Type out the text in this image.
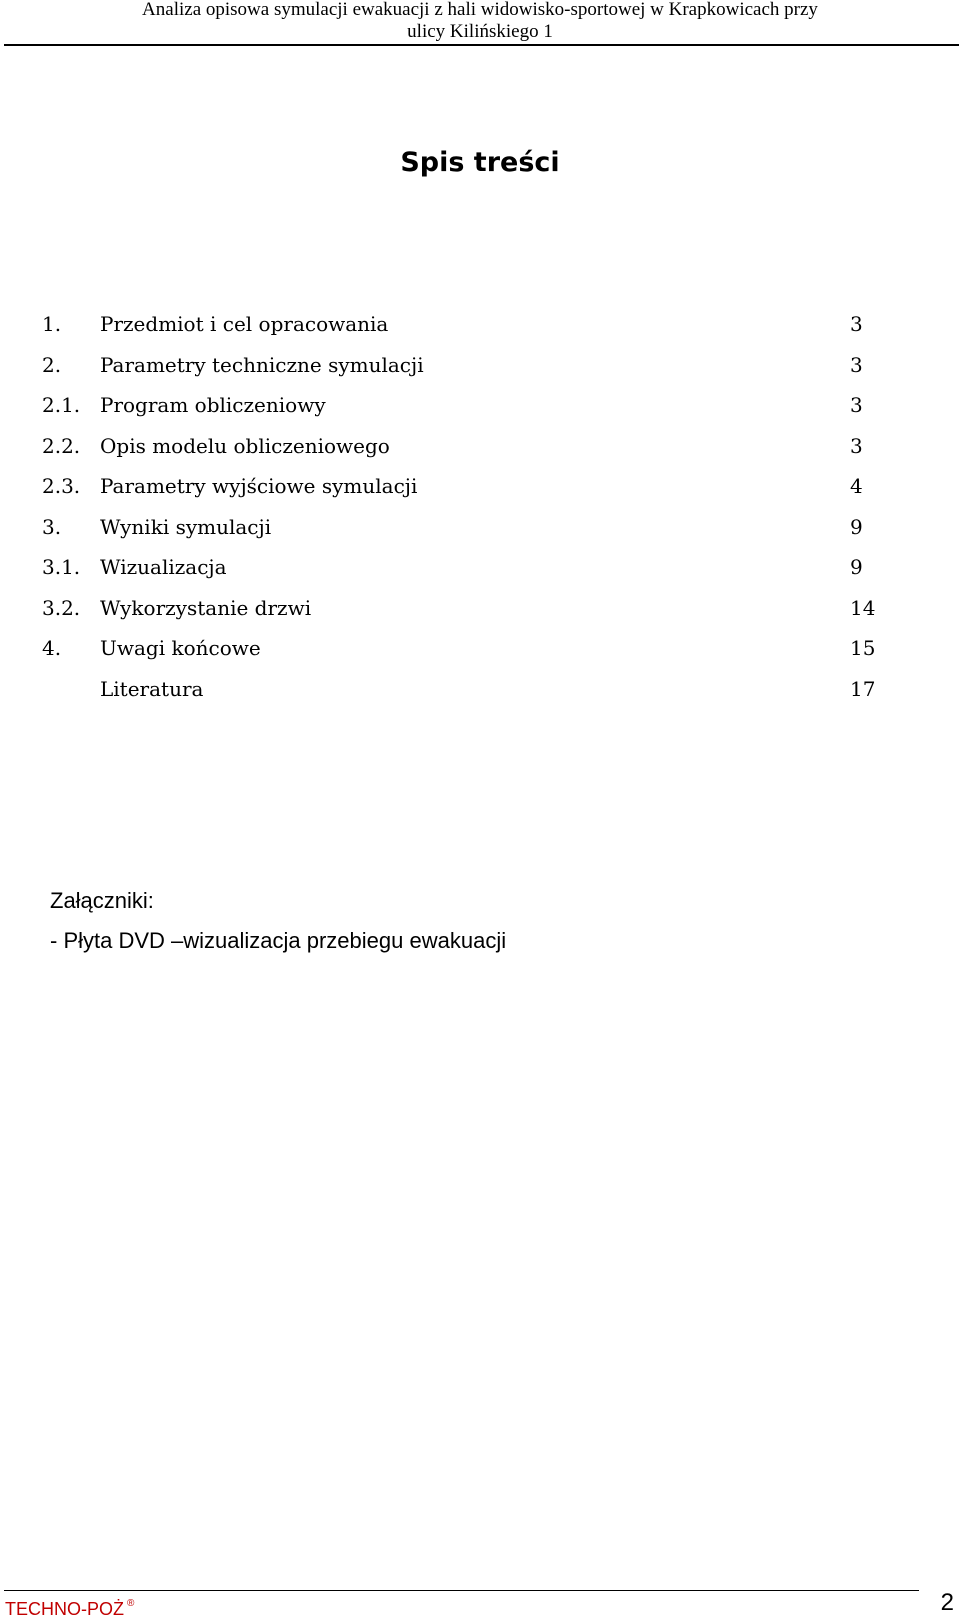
Analiza opisowa symulacji ewakuacji z hali widowisko-sportowej w Krapkowicach przy
ulicy Kilińskiego 1
Spis treści
1. Przedmiot i cel opracowania	3
2. Parametry techniczne symulacji	3
2.1. Program obliczeniowy	3
2.2. Opis modelu obliczeniowego	3
2.3. Parametry wyjściowe symulacji	4
3. Wyniki symulacji	9
3.1. Wizualizacja	9
3.2. Wykorzystanie drzwi	14
4. Uwagi końcowe	15
Literatura	17
Załączniki:
- Płyta DVD –wizualizacja przebiegu ewakuacji
TECHNO-POŻ ®	2
